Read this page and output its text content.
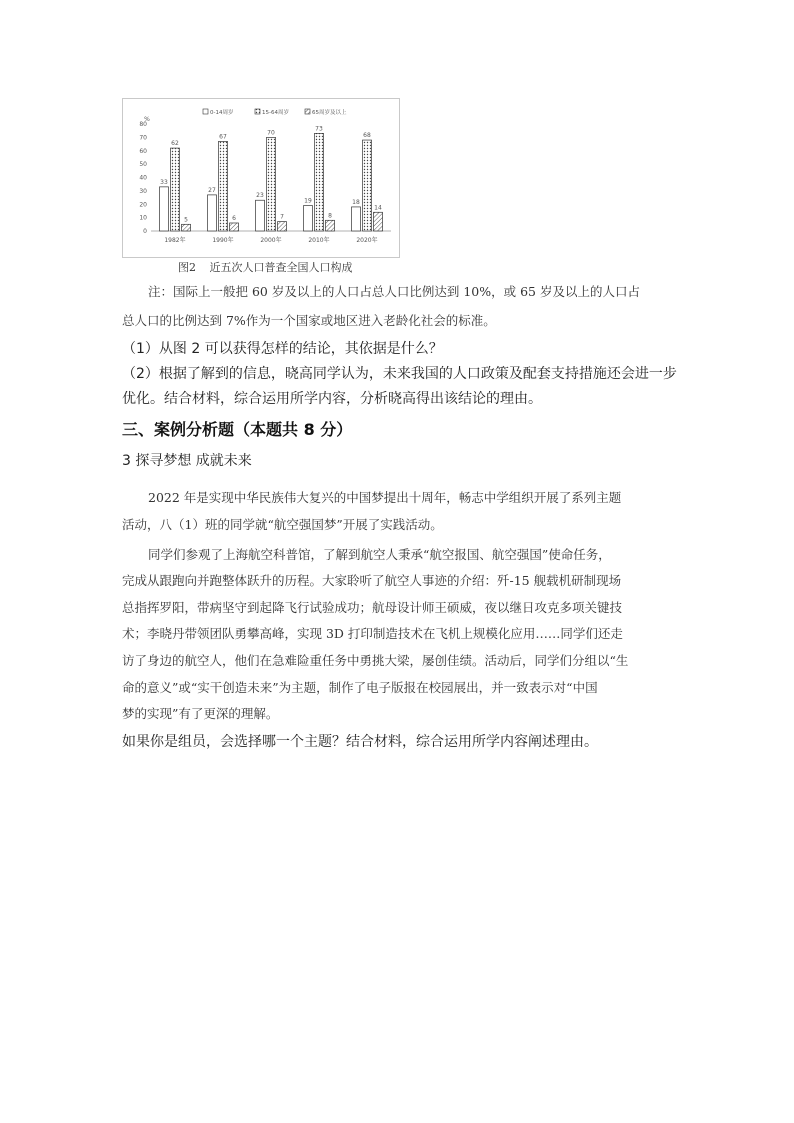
%
0
10
20
30
40
50
60
70
80
0-14周岁	15-64周岁	65周岁及以上
33
62
5
1982年
27
67
6
1990年
23
70
7
2000年
19
73
8
2010年
18
68
14
2020年
图2 近五次人口普查全国人口构成
注：国际上一般把 60 岁及以上的人口占总人口比例达到 10%，或 65 岁及以上的人口占
总人口的比例达到 7%作为一个国家或地区进入老龄化社会的标准。
（1）从图 2 可以获得怎样的结论，其依据是什么？
（2）根据了解到的信息，晓高同学认为，未来我国的人口政策及配套支持措施还会进一步
优化。结合材料，综合运用所学内容，分析晓高得出该结论的理由。
三、案例分析题（本题共 8 分）
3 探寻梦想 成就未来
2022 年是实现中华民族伟大复兴的中国梦提出十周年，畅志中学组织开展了系列主题
活动，八（1）班的同学就“航空强国梦”开展了实践活动。
同学们参观了上海航空科普馆，了解到航空人秉承“航空报国、航空强国”使命任务，
完成从跟跑向并跑整体跃升的历程。大家聆听了航空人事迹的介绍：歼-15 舰载机研制现场
总指挥罗阳，带病坚守到起降飞行试验成功；航母设计师王硕威，夜以继日攻克多项关键技
术；李晓丹带领团队勇攀高峰，实现 3D 打印制造技术在飞机上规模化应用……同学们还走
访了身边的航空人，他们在急难险重任务中勇挑大梁，屡创佳绩。活动后，同学们分组以“生
命的意义”或“实干创造未来”为主题，制作了电子版报在校园展出，并一致表示对“中国
梦的实现”有了更深的理解。
如果你是组员，会选择哪一个主题？结合材料，综合运用所学内容阐述理由。
